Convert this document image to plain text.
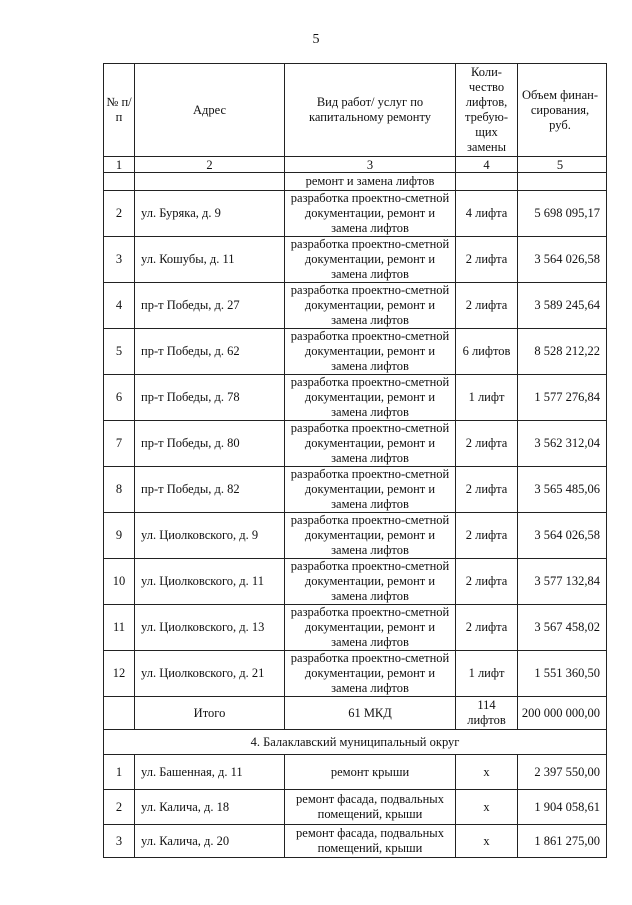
5
№ п/п	Адрес	Вид работ/ услуг по капитальному ремонту	Коли- чество лифтов, требую- щих замены	Объем финан- сирования, руб.
1	2	3	4	5
		ремонт и замена лифтов		
2	ул. Буряка, д. 9	разработка проектно-сметной документации, ремонт и замена лифтов	4 лифта	5 698 095,17
3	ул. Кошубы, д. 11	разработка проектно-сметной документации, ремонт и замена лифтов	2 лифта	3 564 026,58
4	пр-т Победы, д. 27	разработка проектно-сметной документации, ремонт и замена лифтов	2 лифта	3 589 245,64
5	пр-т Победы, д. 62	разработка проектно-сметной документации, ремонт и замена лифтов	6 лифтов	8 528 212,22
6	пр-т Победы, д. 78	разработка проектно-сметной документации, ремонт и замена лифтов	1 лифт	1 577 276,84
7	пр-т Победы, д. 80	разработка проектно-сметной документации, ремонт и замена лифтов	2 лифта	3 562 312,04
8	пр-т Победы, д. 82	разработка проектно-сметной документации, ремонт и замена лифтов	2 лифта	3 565 485,06
9	ул. Циолковского, д. 9	разработка проектно-сметной документации, ремонт и замена лифтов	2 лифта	3 564 026,58
10	ул. Циолковского, д. 11	разработка проектно-сметной документации, ремонт и замена лифтов	2 лифта	3 577 132,84
11	ул. Циолковского, д. 13	разработка проектно-сметной документации, ремонт и замена лифтов	2 лифта	3 567 458,02
12	ул. Циолковского, д. 21	разработка проектно-сметной документации, ремонт и замена лифтов	1 лифт	1 551 360,50
	Итого	61 МКД	114 лифтов	200 000 000,00
4. Балаклавский муниципальный округ				
1	ул. Башенная, д. 11	ремонт крыши	х	2 397 550,00
2	ул. Калича, д. 18	ремонт фасада, подвальных помещений, крыши	х	1 904 058,61
3	ул. Калича, д. 20	ремонт фасада, подвальных помещений, крыши	х	1 861 275,00
